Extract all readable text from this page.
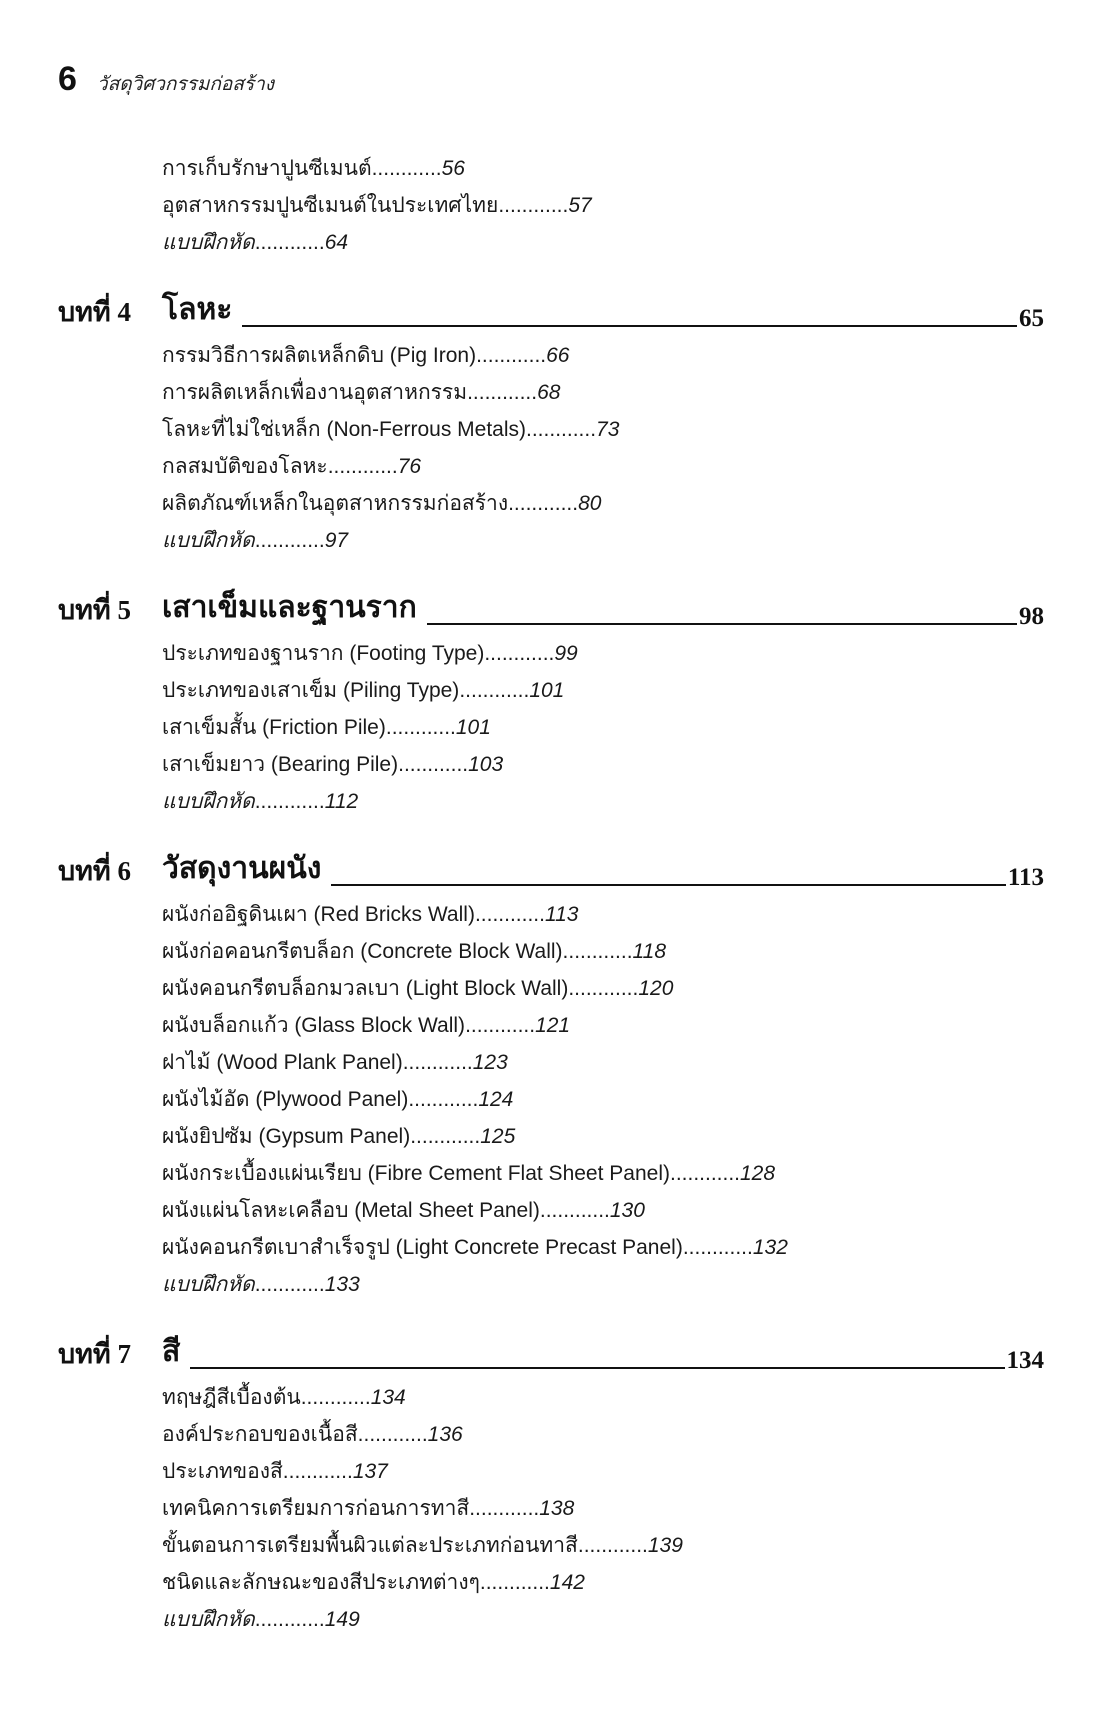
6 วัสดุวิศวกรรมก่อสร้าง
การเก็บรักษาปูนซีเมนต์............56
อุตสาหกรรมปูนซีเมนต์ในประเทศไทย............57
แบบฝึกหัด............64
บทที่ 4	โลหะ	65
กรรมวิธีการผลิตเหล็กดิบ (Pig Iron)............66
การผลิตเหล็กเพื่องานอุตสาหกรรม............68
โลหะที่ไม่ใช่เหล็ก (Non-Ferrous Metals)............73
กลสมบัติของโลหะ............76
ผลิตภัณฑ์เหล็กในอุตสาหกรรมก่อสร้าง............80
แบบฝึกหัด............97
บทที่ 5	เสาเข็มและฐานราก	98
ประเภทของฐานราก (Footing Type)............99
ประเภทของเสาเข็ม (Piling Type)............101
เสาเข็มสั้น (Friction Pile)............101
เสาเข็มยาว (Bearing Pile)............103
แบบฝึกหัด............112
บทที่ 6	วัสดุงานผนัง	113
ผนังก่ออิฐดินเผา (Red Bricks Wall)............113
ผนังก่อคอนกรีตบล็อก (Concrete Block Wall)............118
ผนังคอนกรีตบล็อกมวลเบา (Light Block Wall)............120
ผนังบล็อกแก้ว (Glass Block Wall)............121
ฝาไม้ (Wood Plank Panel)............123
ผนังไม้อัด (Plywood Panel)............124
ผนังยิปซัม (Gypsum Panel)............125
ผนังกระเบื้องแผ่นเรียบ (Fibre Cement Flat Sheet Panel)............128
ผนังแผ่นโลหะเคลือบ (Metal Sheet Panel)............130
ผนังคอนกรีตเบาสำเร็จรูป (Light Concrete Precast Panel)............132
แบบฝึกหัด............133
บทที่ 7	สี	134
ทฤษฎีสีเบื้องต้น............134
องค์ประกอบของเนื้อสี............136
ประเภทของสี............137
เทคนิคการเตรียมการก่อนการทาสี............138
ขั้นตอนการเตรียมพื้นผิวแต่ละประเภทก่อนทาสี............139
ชนิดและลักษณะของสีประเภทต่างๆ............142
แบบฝึกหัด............149
